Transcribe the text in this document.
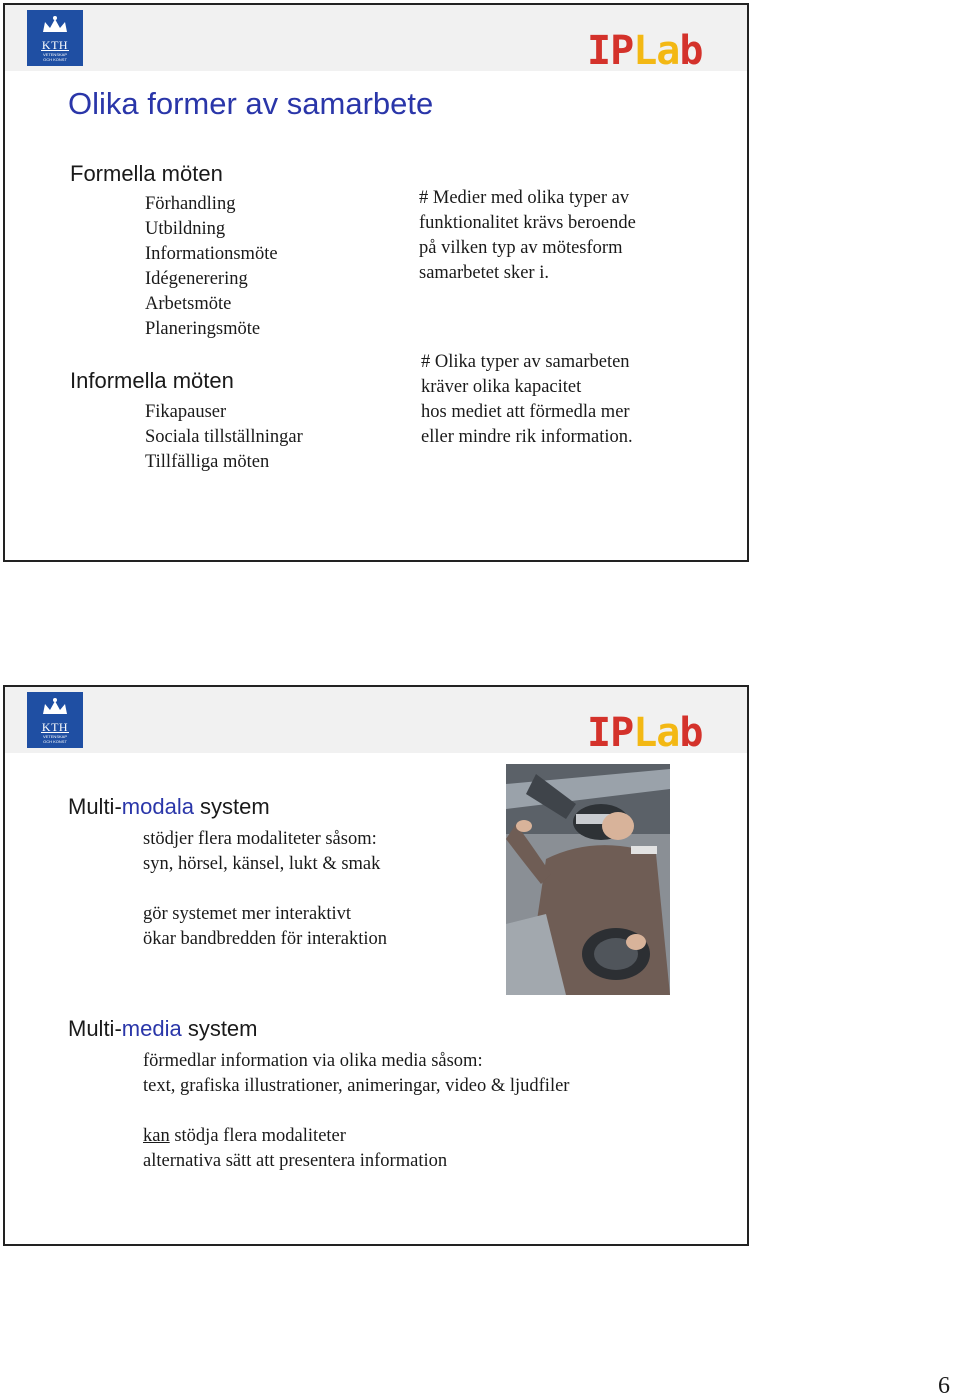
KTH
VETENSKAP
OCH KONST	IPLab
Olika former av samarbete
Formella möten
Förhandling
Utbildning
Informationsmöte
Idégenerering
Arbetsmöte
Planeringsmöte
Informella möten
Fikapauser
Sociala tillställningar
Tillfälliga möten

# Medier med olika typer av
funktionalitet krävs beroende
på vilken typ av mötesform
samarbetet sker i.

# Olika typer av samarbeten
kräver olika kapacitet
hos mediet att förmedla mer
eller mindre rik information.

KTH
VETENSKAP
OCH KONST	IPLab
Multi-modala system

stödjer flera modaliteter såsom:
syn, hörsel, känsel, lukt & smak

gör systemet mer interaktivt
ökar bandbredden för interaktion

Multi-media system

förmedlar information via olika media såsom:
text, grafiska illustrationer, animeringar, video & ljudfiler

kan stödja flera modaliteter
alternativa sätt att presentera information

6
